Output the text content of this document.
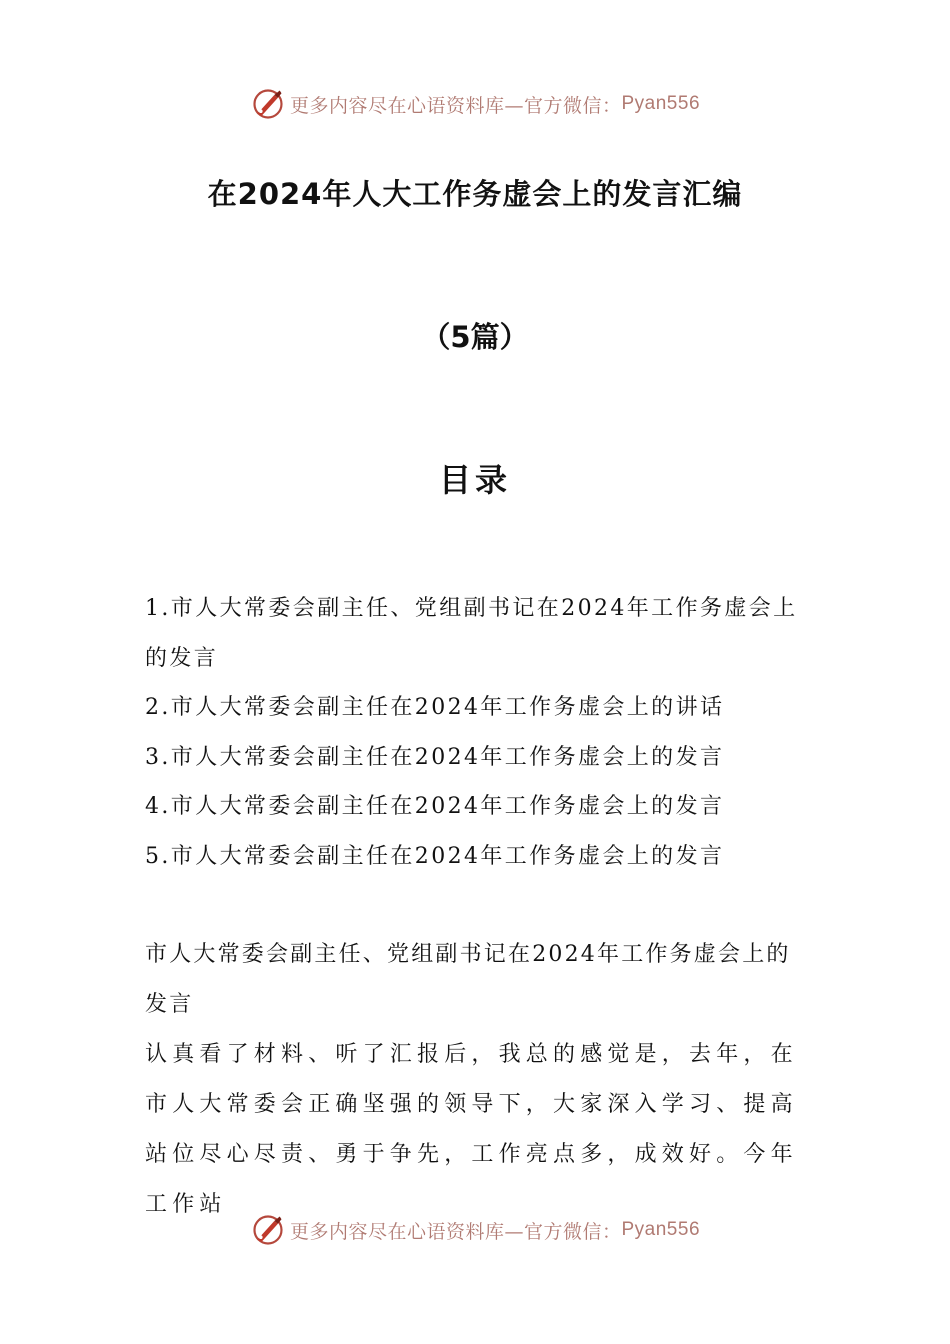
更多内容尽在心语资料库—官方微信： Pyan556
在2024年人大工作务虚会上的发言汇编
（5篇）
目录

1.市人大常委会副主任、党组副书记在2024年工作务虚会上的发言

2.市人大常委会副主任在2024年工作务虚会上的讲话

3.市人大常委会副主任在2024年工作务虚会上的发言

4.市人大常委会副主任在2024年工作务虚会上的发言

5.市人大常委会副主任在2024年工作务虚会上的发言

市人大常委会副主任、党组副书记在2024年工作务虚会上的发言

认真看了材料、听了汇报后，我总的感觉是，去年，在市人大常委会正确坚强的领导下，大家深入学习、提高站位尽心尽责、勇于争先，工作亮点多，成效好。今年工作站

更多内容尽在心语资料库—官方微信： Pyan556
